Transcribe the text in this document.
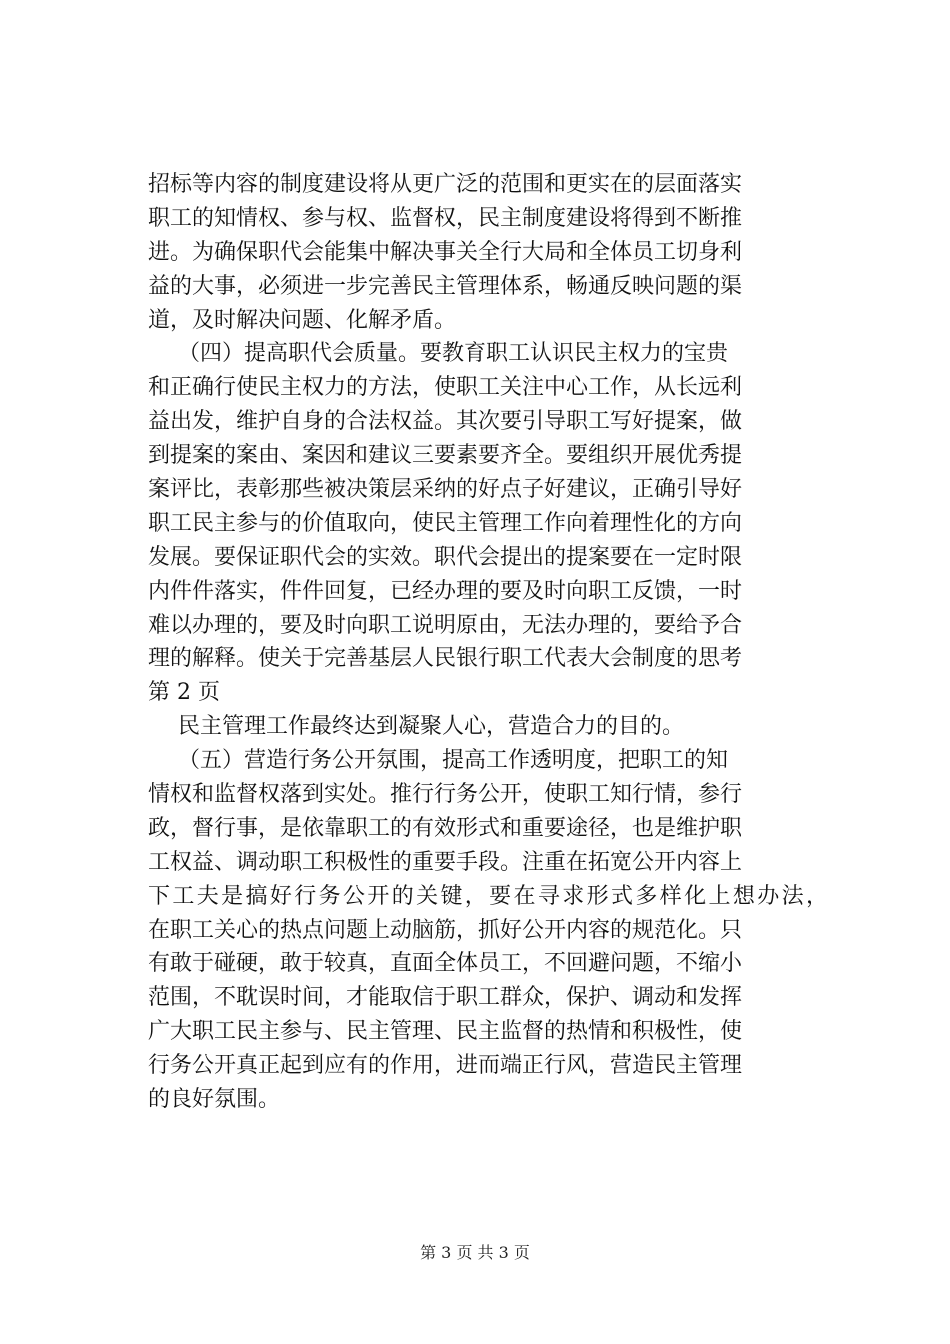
招标等内容的制度建设将从更广泛的范围和更实在的层面落实
职工的知情权、参与权、监督权，民主制度建设将得到不断推
进。为确保职代会能集中解决事关全行大局和全体员工切身利
益的大事，必须进一步完善民主管理体系，畅通反映问题的渠
道，及时解决问题、化解矛盾。
（四）提高职代会质量。要教育职工认识民主权力的宝贵
和正确行使民主权力的方法，使职工关注中心工作，从长远利
益出发，维护自身的合法权益。其次要引导职工写好提案，做
到提案的案由、案因和建议三要素要齐全。要组织开展优秀提
案评比，表彰那些被决策层采纳的好点子好建议，正确引导好
职工民主参与的价值取向，使民主管理工作向着理性化的方向
发展。要保证职代会的实效。职代会提出的提案要在一定时限
内件件落实，件件回复，已经办理的要及时向职工反馈，一时
难以办理的，要及时向职工说明原由，无法办理的，要给予合
理的解释。使关于完善基层人民银行职工代表大会制度的思考
第 2 页
民主管理工作最终达到凝聚人心，营造合力的目的。
（五）营造行务公开氛围，提高工作透明度，把职工的知
情权和监督权落到实处。推行行务公开，使职工知行情，参行
政，督行事，是依靠职工的有效形式和重要途径，也是维护职
工权益、调动职工积极性的重要手段。注重在拓宽公开内容上
下工夫是搞好行务公开的关键，要在寻求形式多样化上想办法，
在职工关心的热点问题上动脑筋，抓好公开内容的规范化。只
有敢于碰硬，敢于较真，直面全体员工，不回避问题，不缩小
范围，不耽误时间，才能取信于职工群众，保护、调动和发挥
广大职工民主参与、民主管理、民主监督的热情和积极性，使
行务公开真正起到应有的作用，进而端正行风，营造民主管理
的良好氛围。
第 3 页 共 3 页
